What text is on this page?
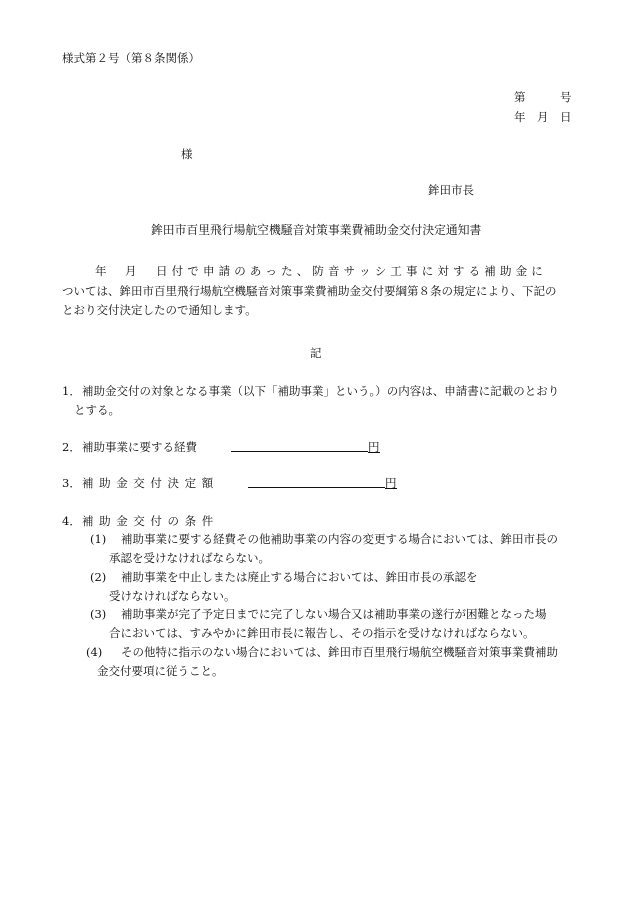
様式第２号（第８条関係）
第	号
年 月 日
様
鉾田市長
鉾田市百里飛行場航空機騒音対策事業費補助金交付決定通知書
年 月 日付で申請のあった、防音サッシ工事に対する補助金に
ついては、鉾田市百里飛行場航空機騒音対策事業費補助金交付要綱第８条の規定により、下記の
とおり交付決定したので通知します。
記
1． 補助金交付の対象となる事業（以下「補助事業」という。）の内容は、申請書に記載のとおり
とする。
2． 補助事業に要する経費	円
3． 補助金交付決定額	円
4． 補助金交付の条件
(1) 補助事業に要する経費その他補助事業の内容の変更する場合においては、鉾田市長の
承認を受けなければならない。
(2) 補助事業を中止しまたは廃止する場合においては、鉾田市長の承認を
受けなければならない。
(3) 補助事業が完了予定日までに完了しない場合又は補助事業の遂行が困難となった場
合においては、すみやかに鉾田市長に報告し、その指示を受けなければならない。
(4) その他特に指示のない場合においては、鉾田市百里飛行場航空機騒音対策事業費補助
金交付要項に従うこと。
